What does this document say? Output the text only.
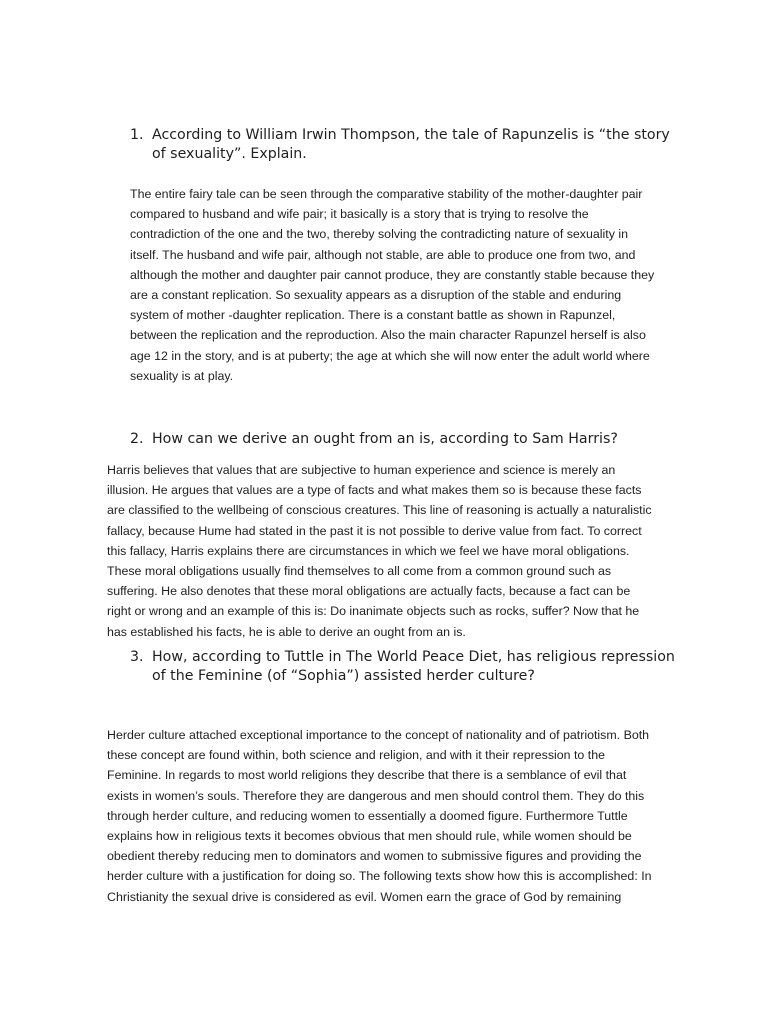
1. According to William Irwin Thompson, the tale of Rapunzelis is “the story
of sexuality”. Explain.
The entire fairy tale can be seen through the comparative stability of the mother-daughter pair
compared to husband and wife pair; it basically is a story that is trying to resolve the
contradiction of the one and the two, thereby solving the contradicting nature of sexuality in
itself. The husband and wife pair, although not stable, are able to produce one from two, and
although the mother and daughter pair cannot produce, they are constantly stable because they
are a constant replication. So sexuality appears as a disruption of the stable and enduring
system of mother -daughter replication. There is a constant battle as shown in Rapunzel,
between the replication and the reproduction. Also the main character Rapunzel herself is also
age 12 in the story, and is at puberty; the age at which she will now enter the adult world where
sexuality is at play.
2. How can we derive an ought from an is, according to Sam Harris?
Harris believes that values that are subjective to human experience and science is merely an
illusion. He argues that values are a type of facts and what makes them so is because these facts
are classified to the wellbeing of conscious creatures. This line of reasoning is actually a naturalistic
fallacy, because Hume had stated in the past it is not possible to derive value from fact. To correct
this fallacy, Harris explains there are circumstances in which we feel we have moral obligations.
These moral obligations usually find themselves to all come from a common ground such as
suffering. He also denotes that these moral obligations are actually facts, because a fact can be
right or wrong and an example of this is: Do inanimate objects such as rocks, suffer? Now that he
has established his facts, he is able to derive an ought from an is.
3. How, according to Tuttle in The World Peace Diet, has religious repression
of the Feminine (of “Sophia”) assisted herder culture?
Herder culture attached exceptional importance to the concept of nationality and of patriotism. Both
these concept are found within, both science and religion, and with it their repression to the
Feminine. In regards to most world religions they describe that there is a semblance of evil that
exists in women’s souls. Therefore they are dangerous and men should control them. They do this
through herder culture, and reducing women to essentially a doomed figure. Furthermore Tuttle
explains how in religious texts it becomes obvious that men should rule, while women should be
obedient thereby reducing men to dominators and women to submissive figures and providing the
herder culture with a justification for doing so. The following texts show how this is accomplished: In
Christianity the sexual drive is considered as evil. Women earn the grace of God by remaining
